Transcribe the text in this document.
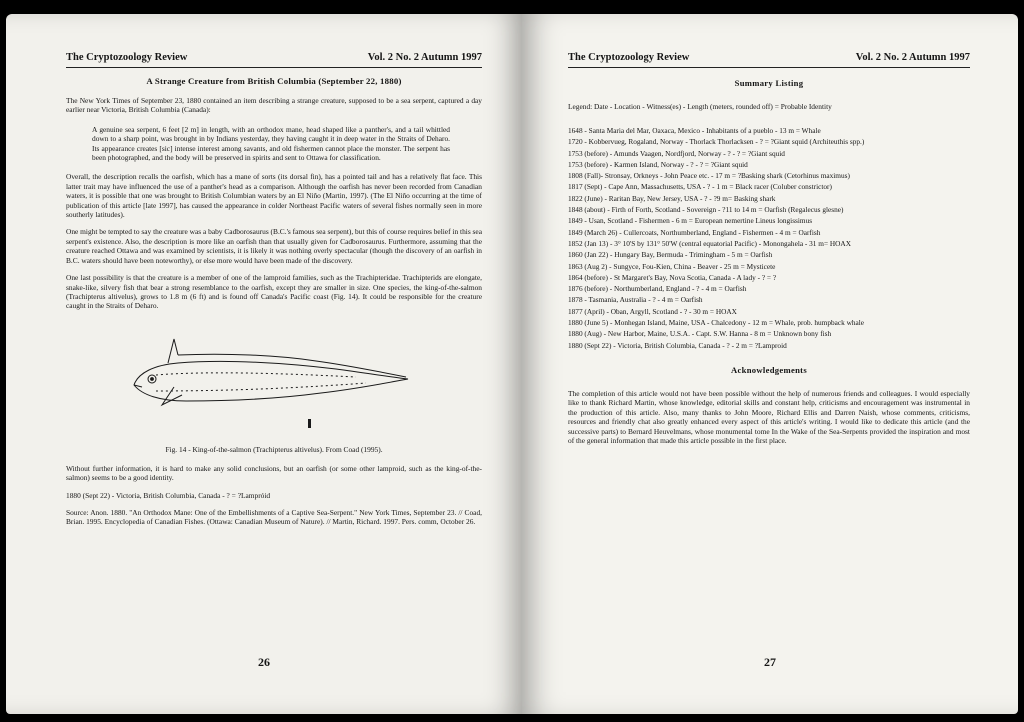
The Cryptozoology Review	Vol. 2 No. 2 Autumn 1997
A Strange Creature from British Columbia (September 22, 1880)

The New York Times of September 23, 1880 contained an item describing a strange creature, supposed to be a sea serpent, captured a day earlier near Victoria, British Columbia (Canada):

A genuine sea serpent, 6 feet [2 m] in length, with an orthodox mane, head shaped like a panther's, and a tail whittled down to a sharp point, was brought in by Indians yesterday, they having caught it in deep water in the Straits of Deharo. Its appearance creates [sic] intense interest among savants, and old fishermen cannot place the monster. The serpent has been photographed, and the body will be preserved in spirits and sent to Ottawa for classification.

Overall, the description recalls the oarfish, which has a mane of sorts (its dorsal fin), has a pointed tail and has a relatively flat face. This latter trait may have influenced the use of a panther's head as a comparison. Although the oarfish has never been recorded from Canadian waters, it is possible that one was brought to British Columbian waters by an El Niño (Martin, 1997). (The El Niño occurring at the time of publication of this article [late 1997], has caused the appearance in colder Northeast Pacific waters of several fishes normally seen in more southerly latitudes).

One might be tempted to say the creature was a baby Cadborosaurus (B.C.'s famous sea serpent), but this of course requires belief in this sea serpent's existence. Also, the description is more like an oarfish than that usually given for Cadborosaurus. Furthermore, assuming that the creature reached Ottawa and was examined by scientists, it is likely it was nothing overly spectacular (though the discovery of an oarfish in B.C. waters should have been noteworthy), or else more would have been made of the discovery.

One last possibility is that the creature is a member of one of the lamproid families, such as the Trachipteridae. Trachipterids are elongate, snake-like, silvery fish that bear a strong resemblance to the oarfish, except they are smaller in size. One species, the king-of-the-salmon (Trachipterus altivelus), grows to 1.8 m (6 ft) and is found off Canada's Pacific coast (Fig. 14). It could be responsible for the creature caught in the Straits of Deharo.

Fig. 14 - King-of-the-salmon (Trachipterus altivelus). From Coad (1995).

Without further information, it is hard to make any solid conclusions, but an oarfish (or some other lamproid, such as the king-of-the-salmon) seems to be a good identity.

1880 (Sept 22) - Victoria, British Columbia, Canada - ? = ?Lampróid

Source: Anon. 1880. "An Orthodox Mane: One of the Embellishments of a Captive Sea-Serpent." New York Times, September 23. // Coad, Brian. 1995. Encyclopedia of Canadian Fishes. (Ottawa: Canadian Museum of Nature). // Martin, Richard. 1997. Pers. comm, October 26.

26
The Cryptozoology Review	Vol. 2 No. 2 Autumn 1997
Summary Listing

Legend: Date - Location - Witness(es) - Length (meters, rounded off) = Probable Identity

1648 - Santa Maria del Mar, Oaxaca, Mexico - Inhabitants of a pueblo - 13 m = Whale
1720 - Kobbervueg, Rogaland, Norway - Thorlack Thorlacksen - ? = ?Giant squid (Architeuthis spp.)
1753 (before) - Amunds Vaagen, Nordfjord, Norway - ? - ? = ?Giant squid
1753 (before) - Karmen Island, Norway - ? - ? = ?Giant squid
1808 (Fall)- Stronsay, Orkneys - John Peace etc. - 17 m = ?Basking shark (Cetorhinus maximus)
1817 (Sept) - Cape Ann, Massachusetts, USA - ? - 1 m = Black racer (Coluber constrictor)
1822 (June) - Raritan Bay, New Jersey, USA - ? - ?9 m= Basking shark
1848 (about) - Firth of Forth, Scotland - Sovereign - ?11 to 14 m = Oarfish (Regalecus glesne)
1849 - Usan, Scotland - Fishermen - 6 m = European nemertine Lineus longissimus
1849 (March 26) - Cullercoats, Northumberland, England - Fishermen - 4 m = Oarfish
1852 (Jan 13) - 3° 10'S by 131° 50'W (central equatorial Pacific) - Monongahela - 31 m= HOAX
1860 (Jan 22) - Hungary Bay, Bermuda - Trimingham - 5 m = Oarfish
1863 (Aug 2) - Sungyce, Fou-Kien, China - Beaver - 25 m = Mysticete
1864 (before) - St Margaret's Bay, Nova Scotia, Canada - A lady - ? = ?
1876 (before) - Northumberland, England - ? - 4 m = Oarfish
1878 - Tasmania, Australia - ? - 4 m = Oarfish
1877 (April) - Oban, Argyll, Scotland - ? - 30 m = HOAX
1880 (June 5) - Monhegan Island, Maine, USA - Chalcedony - 12 m = Whale, prob. humpback whale
1880 (Aug) - New Harbor, Maine, U.S.A. - Capt. S.W. Hanna - 8 m = Unknown bony fish
1880 (Sept 22) - Victoria, British Columbia, Canada - ? - 2 m = ?Lamproid
Acknowledgements

The completion of this article would not have been possible without the help of numerous friends and colleagues. I would especially like to thank Richard Martin, whose knowledge, editorial skills and constant help, criticisms and encouragement was instrumental in the production of this article. Also, many thanks to John Moore, Richard Ellis and Darren Naish, whose comments, criticisms, resources and friendly chat also greatly enhanced every aspect of this article's writing. I would like to dedicate this article (and the successive parts) to Bernard Heuvelmans, whose monumental tome In the Wake of the Sea-Serpents provided the inspiration and most of the general information that made this article possible in the first place.

27
